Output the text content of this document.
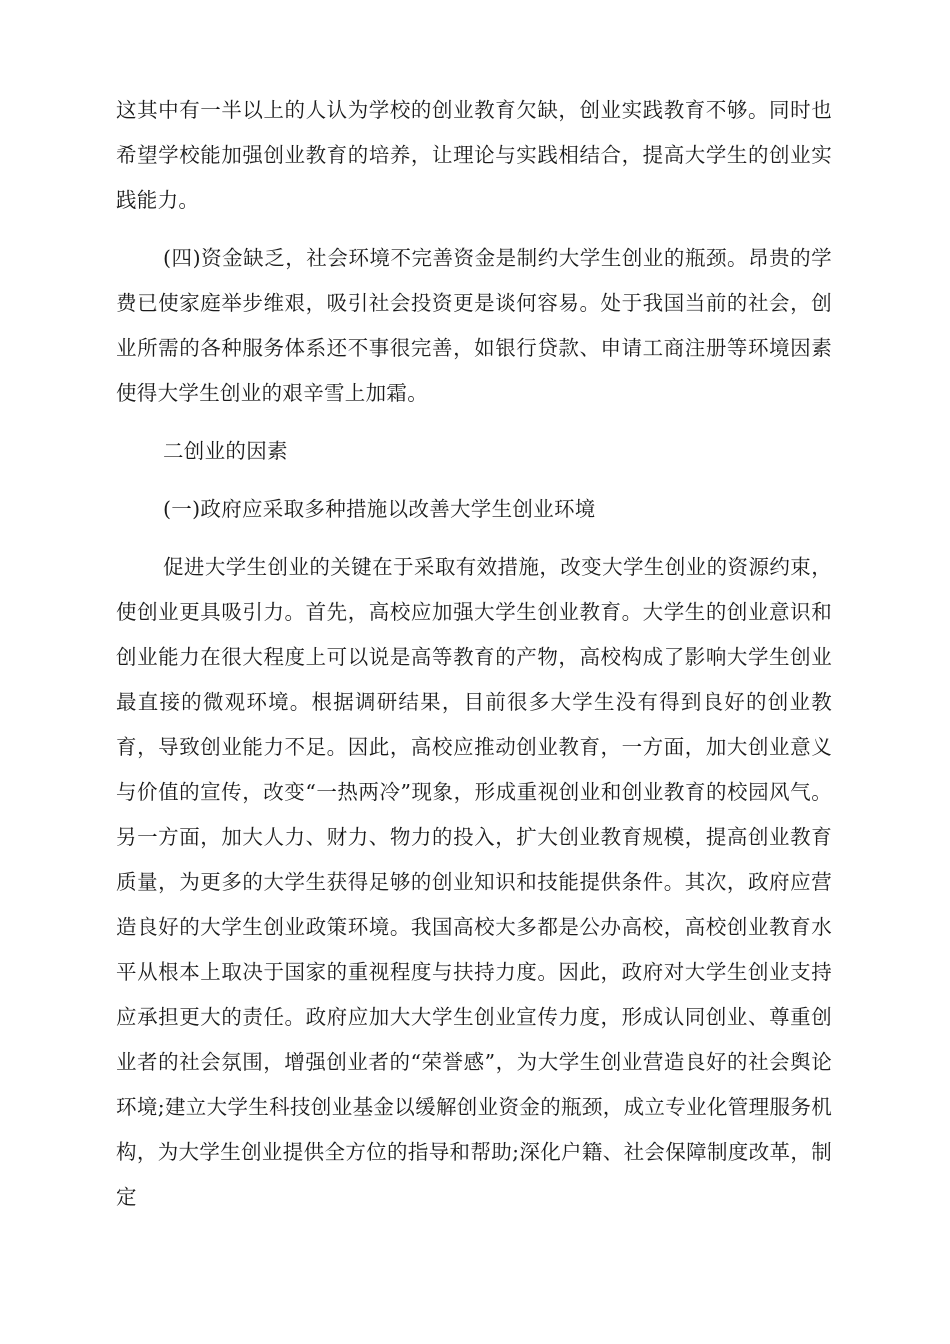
这其中有一半以上的人认为学校的创业教育欠缺，创业实践教育不够。同时也希望学校能加强创业教育的培养，让理论与实践相结合，提高大学生的创业实践能力。

(四)资金缺乏，社会环境不完善资金是制约大学生创业的瓶颈。昂贵的学费已使家庭举步维艰，吸引社会投资更是谈何容易。处于我国当前的社会，创业所需的各种服务体系还不事很完善，如银行贷款、申请工商注册等环境因素使得大学生创业的艰辛雪上加霜。

二创业的因素

(一)政府应采取多种措施以改善大学生创业环境

促进大学生创业的关键在于采取有效措施，改变大学生创业的资源约束，使创业更具吸引力。首先，高校应加强大学生创业教育。大学生的创业意识和创业能力在很大程度上可以说是高等教育的产物，高校构成了影响大学生创业最直接的微观环境。根据调研结果，目前很多大学生没有得到良好的创业教育，导致创业能力不足。因此，高校应推动创业教育，一方面，加大创业意义与价值的宣传，改变“一热两冷”现象，形成重视创业和创业教育的校园风气。另一方面，加大人力、财力、物力的投入，扩大创业教育规模，提高创业教育质量，为更多的大学生获得足够的创业知识和技能提供条件。其次，政府应营造良好的大学生创业政策环境。我国高校大多都是公办高校，高校创业教育水平从根本上取决于国家的重视程度与扶持力度。因此，政府对大学生创业支持应承担更大的责任。政府应加大大学生创业宣传力度，形成认同创业、尊重创业者的社会氛围，增强创业者的“荣誉感”，为大学生创业营造良好的社会舆论环境;建立大学生科技创业基金以缓解创业资金的瓶颈，成立专业化管理服务机构，为大学生创业提供全方位的指导和帮助;深化户籍、社会保障制度改革，制定
